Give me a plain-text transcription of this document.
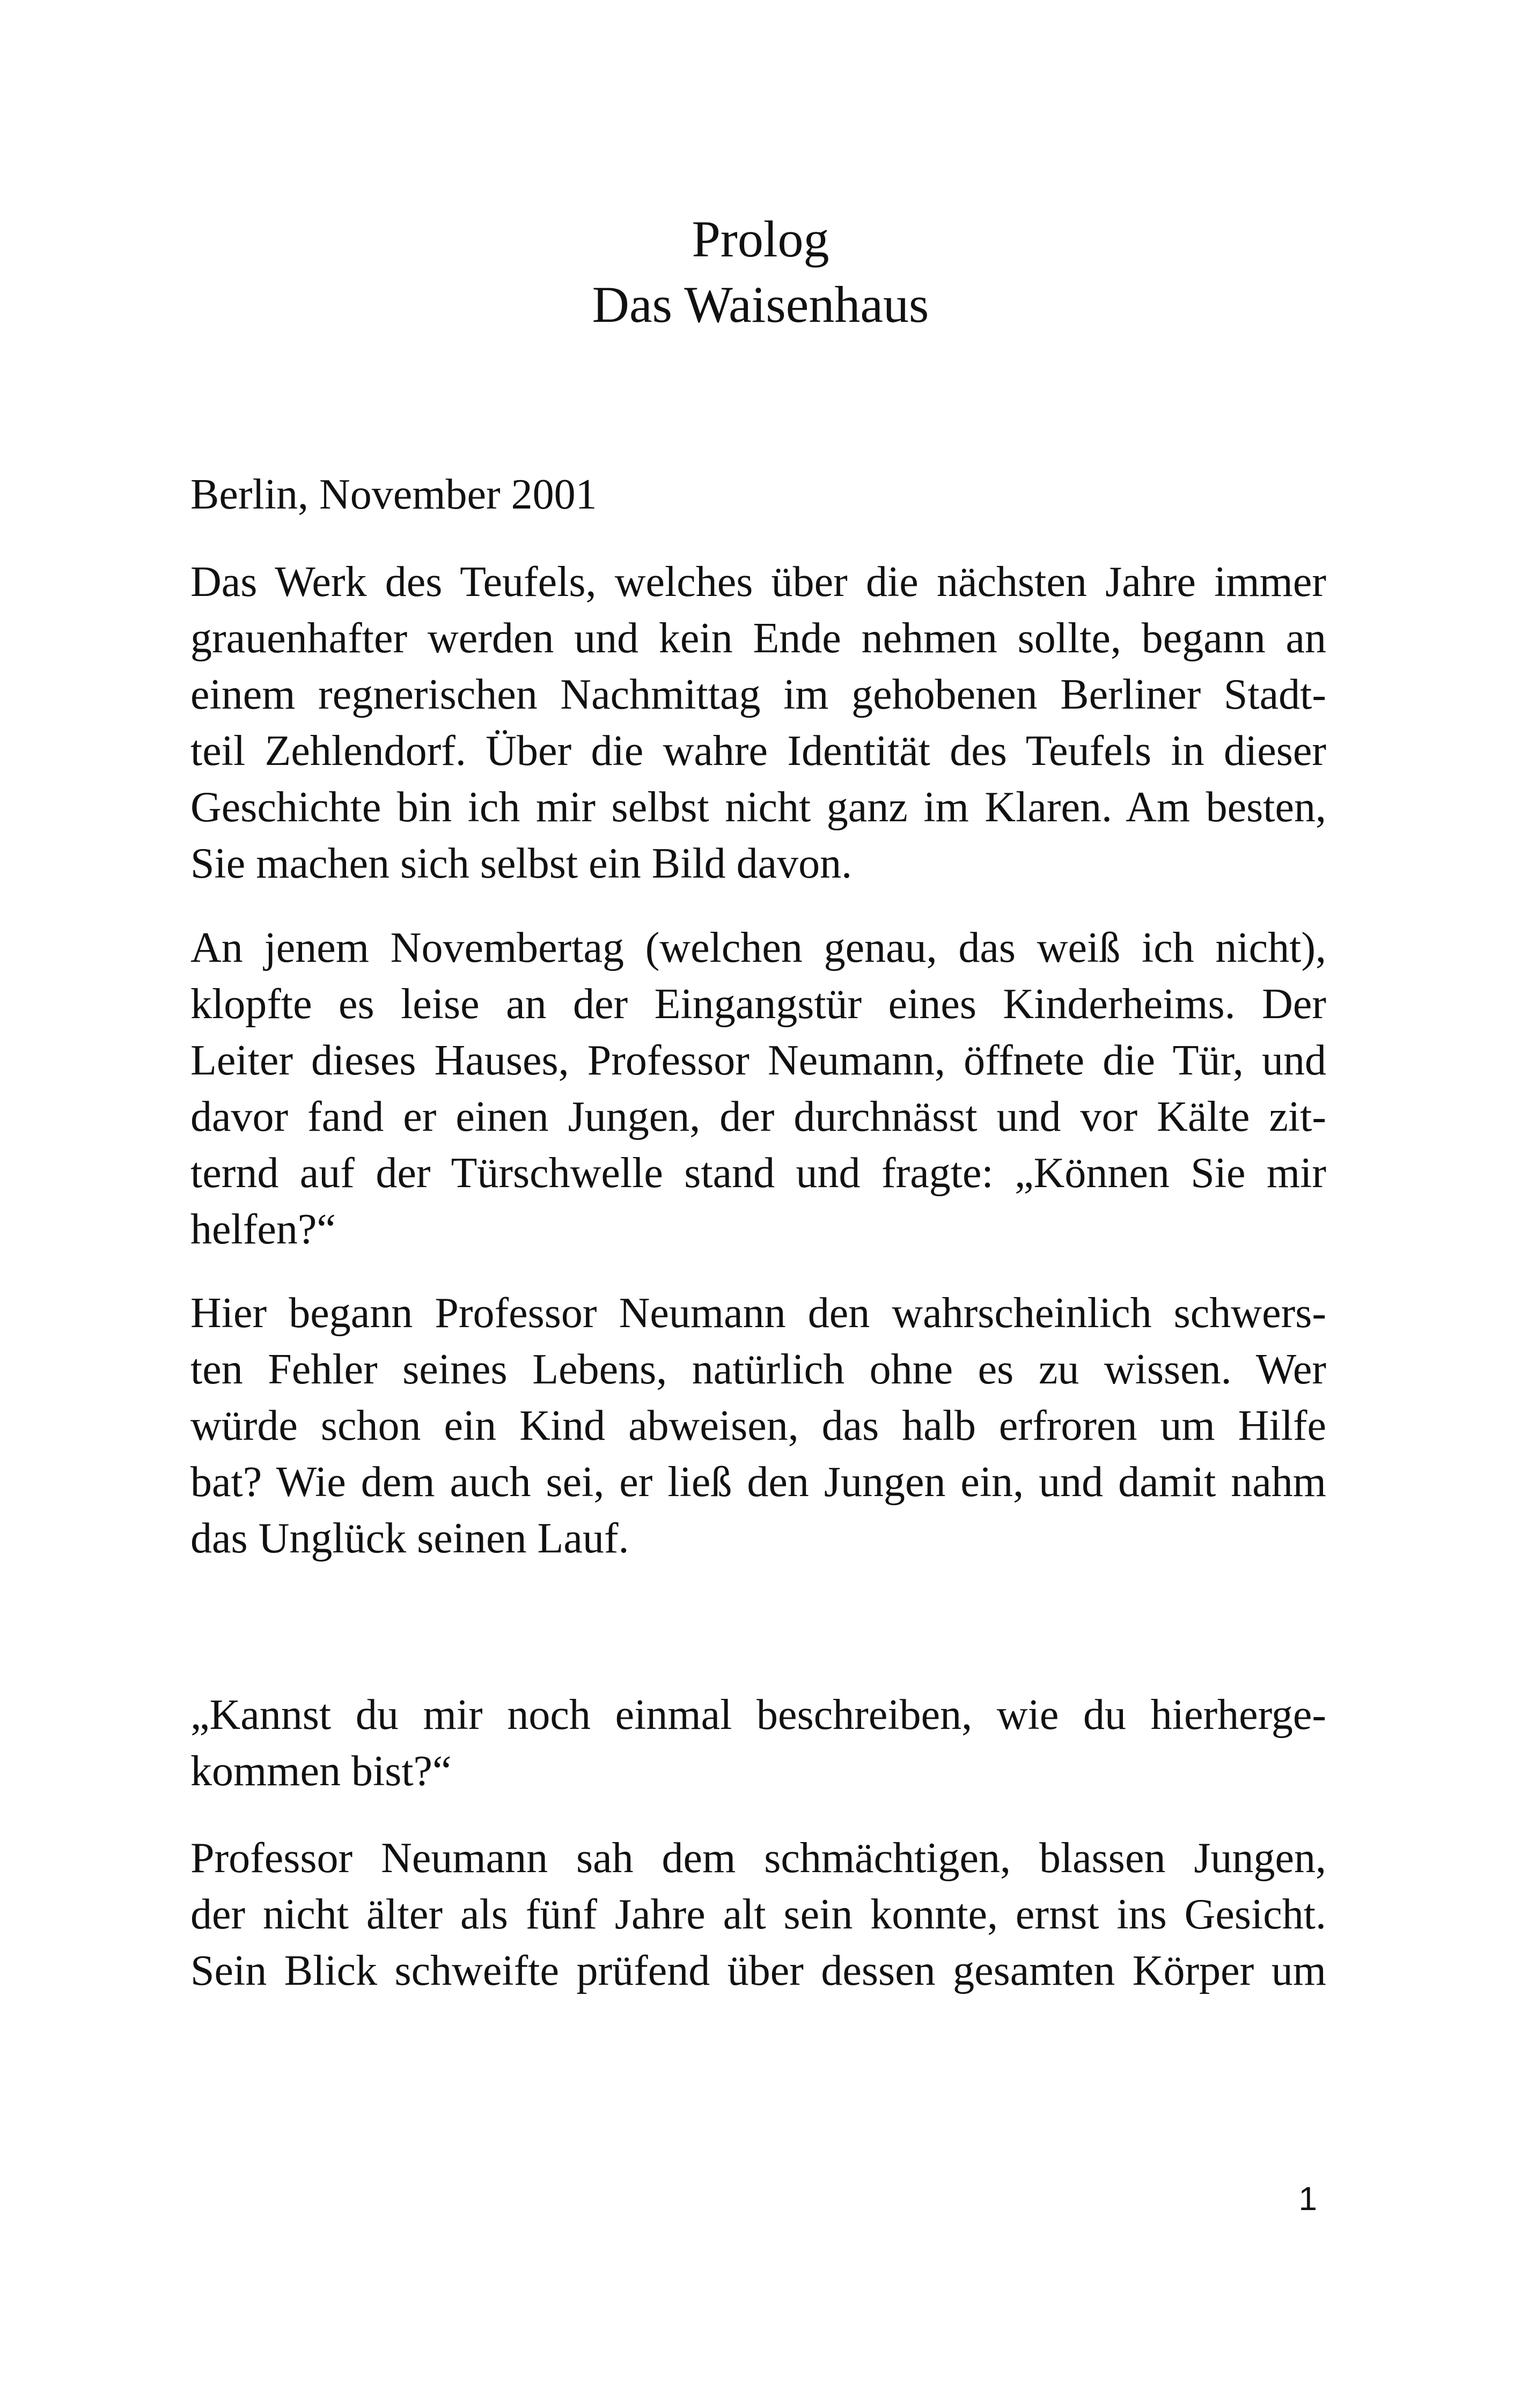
Prolog
Das Waisenhaus
Berlin, November 2001
Das Werk des Teufels, welches über die nächsten Jahre immer
grauenhafter werden und kein Ende nehmen sollte, begann an
einem regnerischen Nachmittag im gehobenen Berliner Stadt-
teil Zehlendorf. Über die wahre Identität des Teufels in dieser
Geschichte bin ich mir selbst nicht ganz im Klaren. Am besten,
Sie machen sich selbst ein Bild davon.
An jenem Novembertag (welchen genau, das weiß ich nicht),
klopfte es leise an der Eingangstür eines Kinderheims. Der
Leiter dieses Hauses, Professor Neumann, öffnete die Tür, und
davor fand er einen Jungen, der durchnässt und vor Kälte zit-
ternd auf der Türschwelle stand und fragte: „Können Sie mir
helfen?“
Hier begann Professor Neumann den wahrscheinlich schwers-
ten Fehler seines Lebens, natürlich ohne es zu wissen. Wer
würde schon ein Kind abweisen, das halb erfroren um Hilfe
bat? Wie dem auch sei, er ließ den Jungen ein, und damit nahm
das Unglück seinen Lauf.
„Kannst du mir noch einmal beschreiben, wie du hierherge-
kommen bist?“
Professor Neumann sah dem schmächtigen, blassen Jungen,
der nicht älter als fünf Jahre alt sein konnte, ernst ins Gesicht.
Sein Blick schweifte prüfend über dessen gesamten Körper um
1
